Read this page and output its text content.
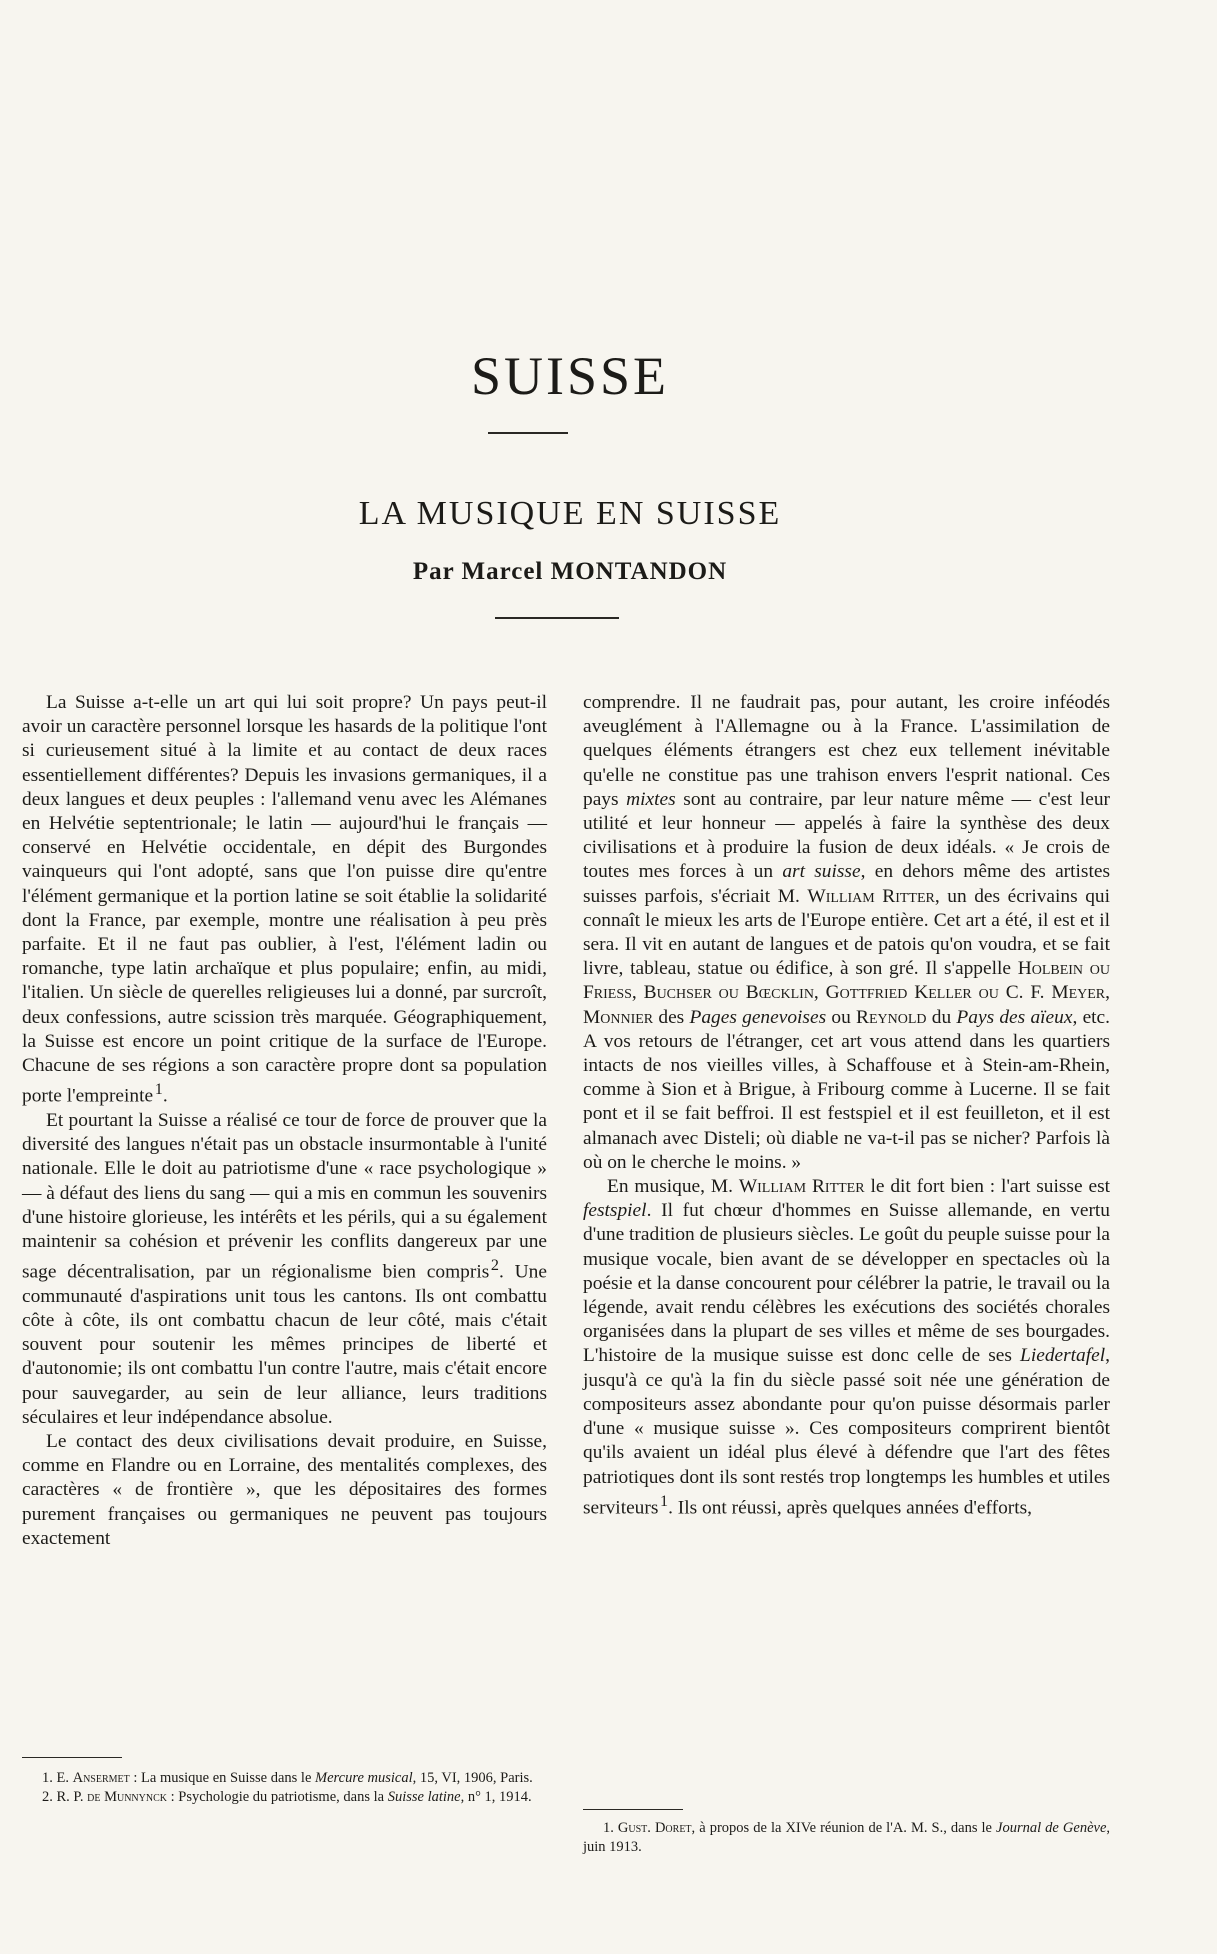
SUISSE
LA MUSIQUE EN SUISSE
Par Marcel MONTANDON

La Suisse a-t-elle un art qui lui soit propre? Un pays peut-il avoir un caractère personnel lorsque les hasards de la politique l'ont si curieusement situé à la limite et au contact de deux races essentiellement différentes? Depuis les invasions germaniques, il a deux langues et deux peuples : l'allemand venu avec les Alémanes en Helvétie septentrionale; le latin — aujourd'hui le français — conservé en Helvétie occidentale, en dépit des Burgondes vainqueurs qui l'ont adopté, sans que l'on puisse dire qu'entre l'élément germanique et la portion latine se soit établie la solidarité dont la France, par exemple, montre une réalisation à peu près parfaite. Et il ne faut pas oublier, à l'est, l'élément ladin ou romanche, type latin archaïque et plus populaire; enfin, au midi, l'italien. Un siècle de querelles religieuses lui a donné, par surcroît, deux confessions, autre scission très marquée. Géographiquement, la Suisse est encore un point critique de la surface de l'Europe. Chacune de ses régions a son caractère propre dont sa population porte l'empreinte  $^1$.

Et pourtant la Suisse a réalisé ce tour de force de prouver que la diversité des langues n'était pas un obstacle insurmontable à l'unité nationale. Elle le doit au patriotisme d'une « race psychologique » — à défaut des liens du sang — qui a mis en commun les souvenirs d'une histoire glorieuse, les intérêts et les périls, qui a su également maintenir sa cohésion et prévenir les conflits dangereux par une sage décentralisation, par un régionalisme bien compris  $^2$. Une communauté d'aspirations unit tous les cantons. Ils ont combattu côte à côte, ils ont combattu chacun de leur côté, mais c'était souvent pour soutenir les mêmes principes de liberté et d'autonomie; ils ont combattu l'un contre l'autre, mais c'était encore pour sauvegarder, au sein de leur alliance, leurs traditions séculaires et leur indépendance absolue.

Le contact des deux civilisations devait produire, en Suisse, comme en Flandre ou en Lorraine, des mentalités complexes, des caractères « de frontière », que les dépositaires des formes purement françaises ou germaniques ne peuvent pas toujours exactement

comprendre. Il ne faudrait pas, pour autant, les croire inféodés aveuglément à l'Allemagne ou à la France. L'assimilation de quelques éléments étrangers est chez eux tellement inévitable qu'elle ne constitue pas une trahison envers l'esprit national. Ces pays mixtes sont au contraire, par leur nature même — c'est leur utilité et leur honneur — appelés à faire la synthèse des deux civilisations et à produire la fusion de deux idéals. « Je crois de toutes mes forces à un art suisse, en dehors même des artistes suisses parfois, s'écriait M. William Ritter, un des écrivains qui connaît le mieux les arts de l'Europe entière. Cet art a été, il est et il sera. Il vit en autant de langues et de patois qu'on voudra, et se fait livre, tableau, statue ou édifice, à son gré. Il s'appelle Holbein ou Friess, Buchser ou Bœcklin, Gottfried Keller ou C. F. Meyer, Monnier des Pages genevoises ou Reynold du Pays des aïeux, etc. A vos retours de l'étranger, cet art vous attend dans les quartiers intacts de nos vieilles villes, à Schaffouse et à Stein-am-Rhein, comme à Sion et à Brigue, à Fribourg comme à Lucerne. Il se fait pont et il se fait beffroi. Il est festspiel et il est feuilleton, et il est almanach avec Disteli; où diable ne va-t-il pas se nicher? Parfois là où on le cherche le moins. »

En musique, M. William Ritter le dit fort bien : l'art suisse est festspiel. Il fut chœur d'hommes en Suisse allemande, en vertu d'une tradition de plusieurs siècles. Le goût du peuple suisse pour la musique vocale, bien avant de se développer en spectacles où la poésie et la danse concourent pour célébrer la patrie, le travail ou la légende, avait rendu célèbres les exécutions des sociétés chorales organisées dans la plupart de ses villes et même de ses bourgades. L'histoire de la musique suisse est donc celle de ses Liedertafel, jusqu'à ce qu'à la fin du siècle passé soit née une génération de compositeurs assez abondante pour qu'on puisse désormais parler d'une « musique suisse ». Ces compositeurs comprirent bientôt qu'ils avaient un idéal plus élevé à défendre que l'art des fêtes patriotiques dont ils sont restés trop longtemps les humbles et utiles serviteurs  $^1$. Ils ont réussi, après quelques années d'efforts,

1. E. Ansermet : La musique en Suisse dans le Mercure musical, 15, VI, 1906, Paris.

2. R. P. de Munnynck : Psychologie du patriotisme, dans la Suisse latine, n° 1, 1914.

1. Gust. Doret, à propos de la XIVe réunion de l'A. M. S., dans le Journal de Genève, juin 1913.
